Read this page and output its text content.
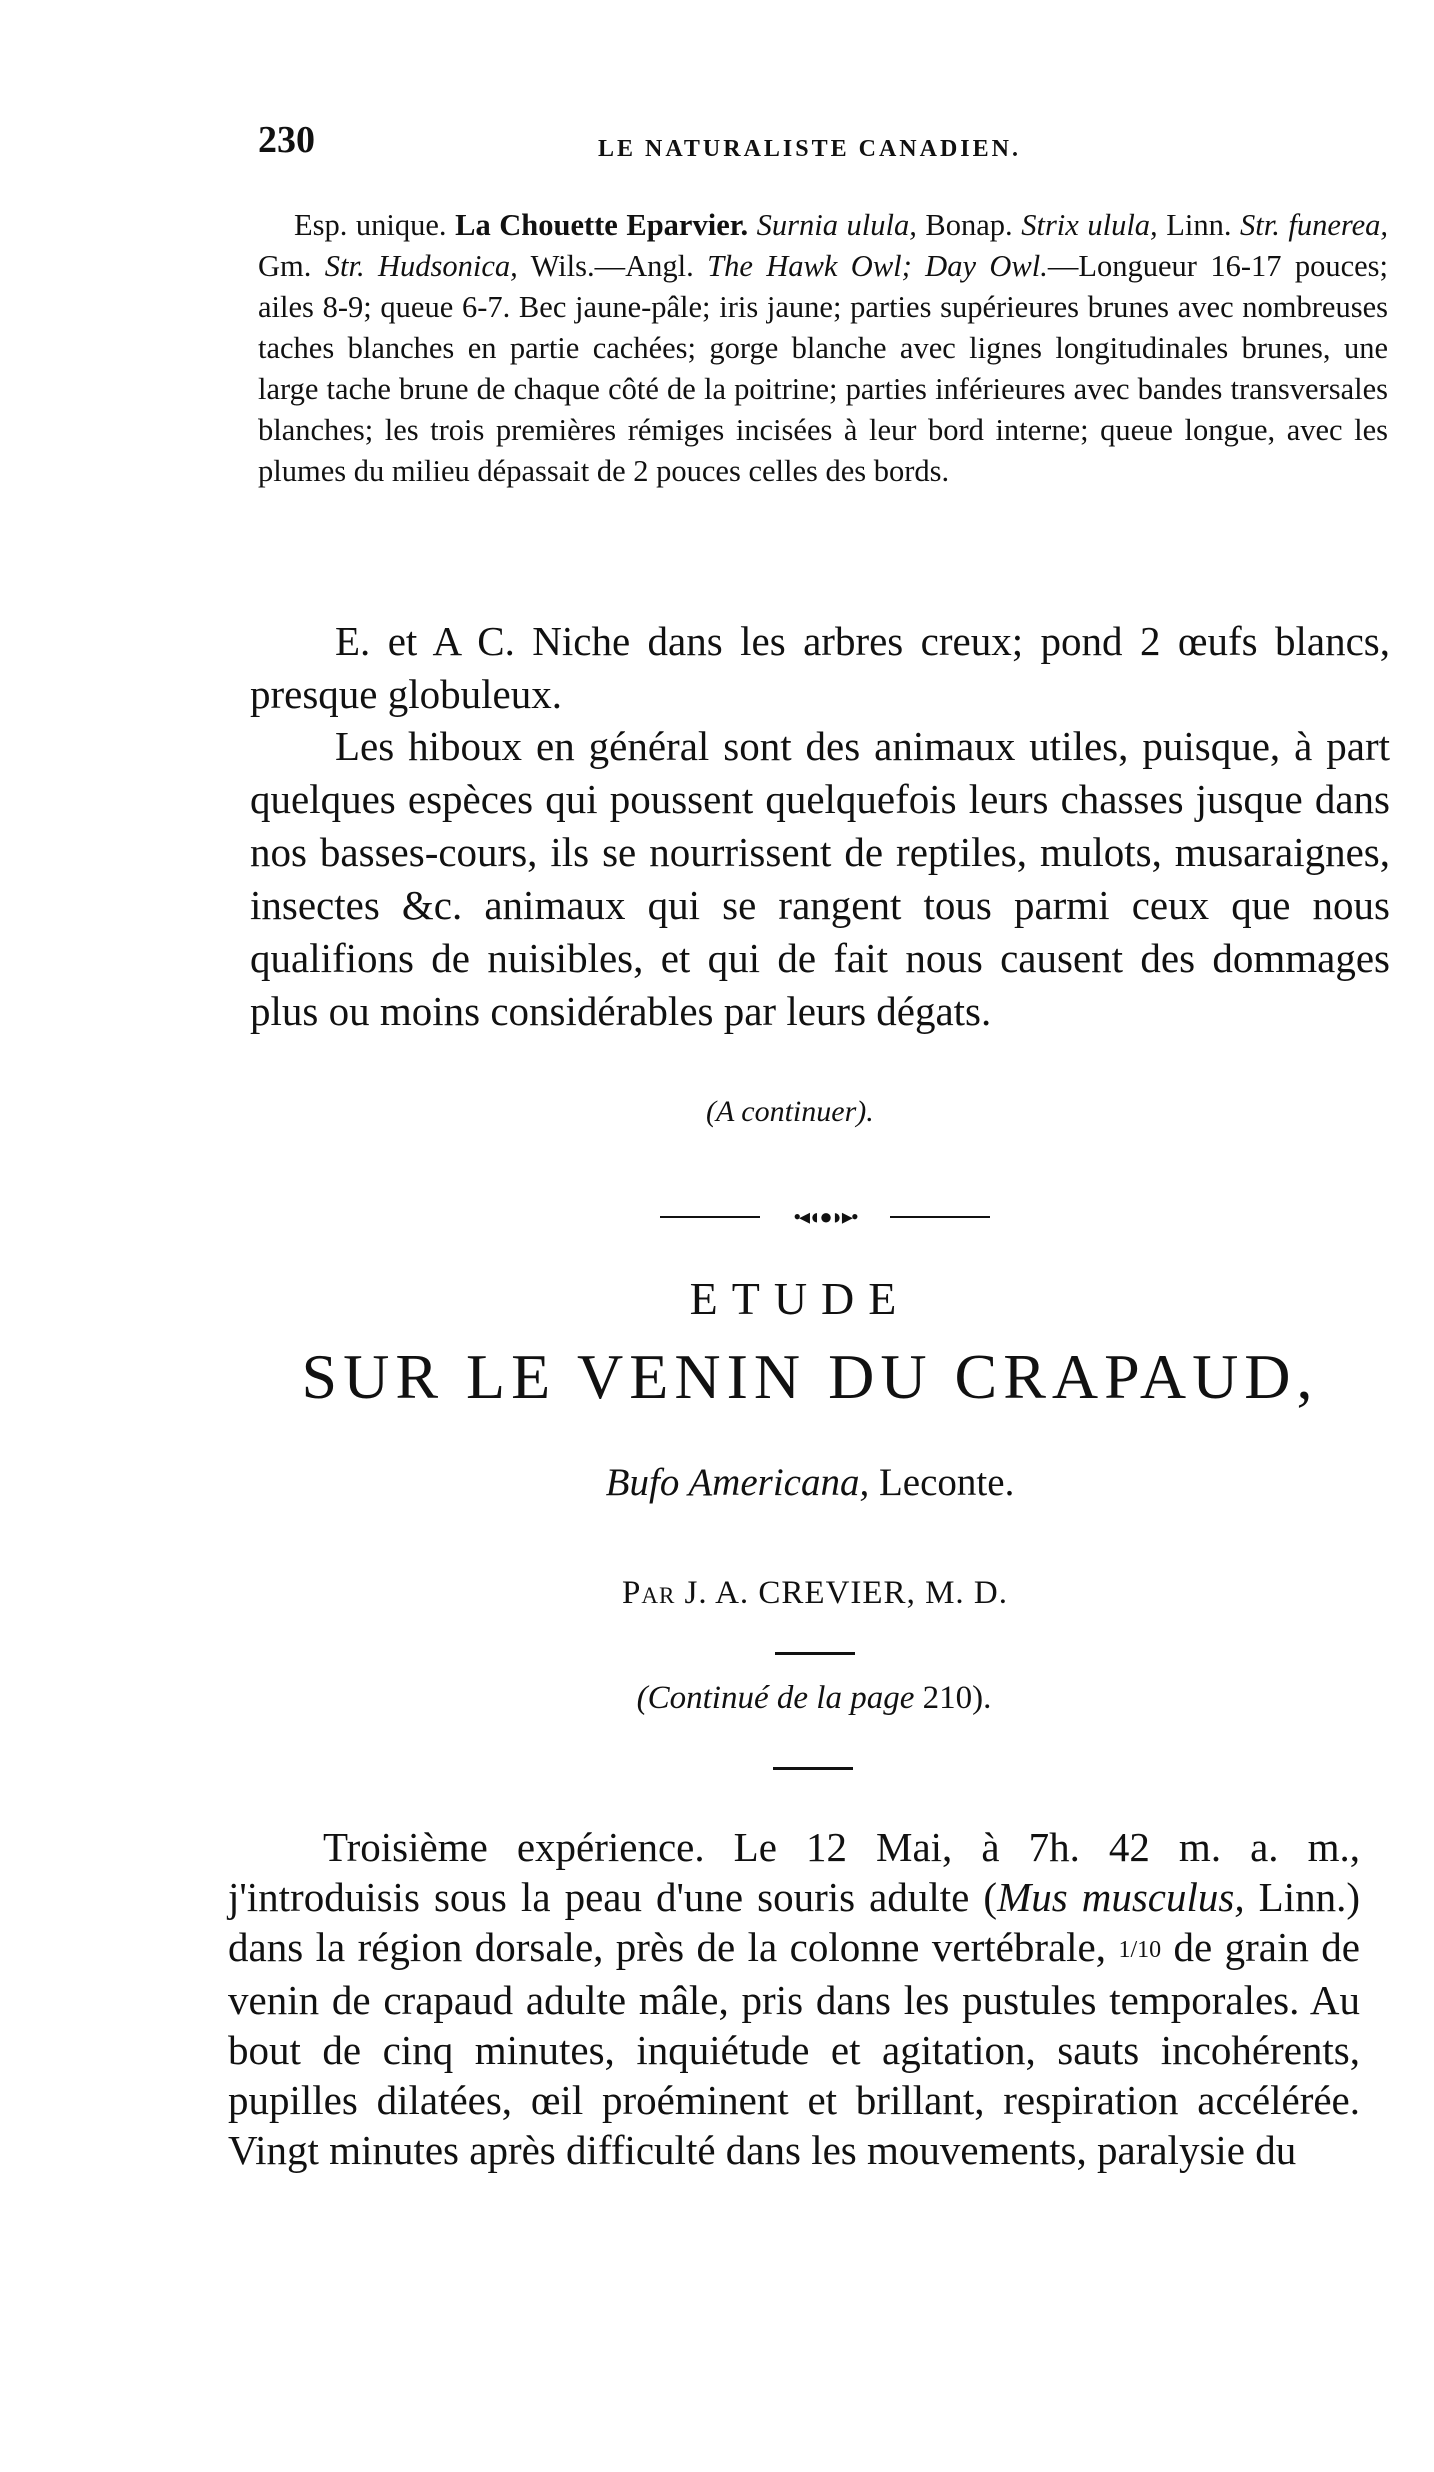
230	LE NATURALISTE CANADIEN.

Esp. unique. La Chouette Eparvier. Surnia ulula, Bonap. Strix ulula, Linn. Str. funerea, Gm. Str. Hudsonica, Wils.—Angl. The Hawk Owl; Day Owl.—Longueur 16-17 pouces; ailes 8-9; queue 6-7. Bec jaune-pâle; iris jaune; parties supérieures brunes avec nombreuses taches blanches en partie cachées; gorge blanche avec lignes longitudinales brunes, une large tache brune de chaque côté de la poitrine; parties inférieures avec bandes transversales blanches; les trois premières rémiges incisées à leur bord interne; queue longue, avec les plumes du milieu dépassait de 2 pouces celles des bords.

E. et A C. Niche dans les arbres creux; pond 2 œufs blancs, presque globuleux.

Les hiboux en général sont des animaux utiles, puisque, à part quelques espèces qui poussent quelquefois leurs chasses jusque dans nos basses-cours, ils se nourrissent de reptiles, mulots, musaraignes, insectes &c. animaux qui se rangent tous parmi ceux que nous qualifions de nuisibles, et qui de fait nous causent des dommages plus ou moins considérables par leurs dégats.

(A continuer).
•◂◖●◗▸•
ETUDE
SUR LE VENIN DU CRAPAUD,
Bufo Americana, Leconte.
Par J. A. CREVIER, M. D.
(Continué de la page 210).

Troisième expérience. Le 12 Mai, à 7h. 42 m. a. m., j'introduisis sous la peau d'une souris adulte (Mus musculus, Linn.) dans la région dorsale, près de la colonne vertébrale, 1/10 de grain de venin de crapaud adulte mâle, pris dans les pustules temporales. Au bout de cinq minutes, inquiétude et agitation, sauts incohérents, pupilles dilatées, œil proéminent et brillant, respiration accélérée. Vingt minutes après difficulté dans les mouvements, paralysie du
